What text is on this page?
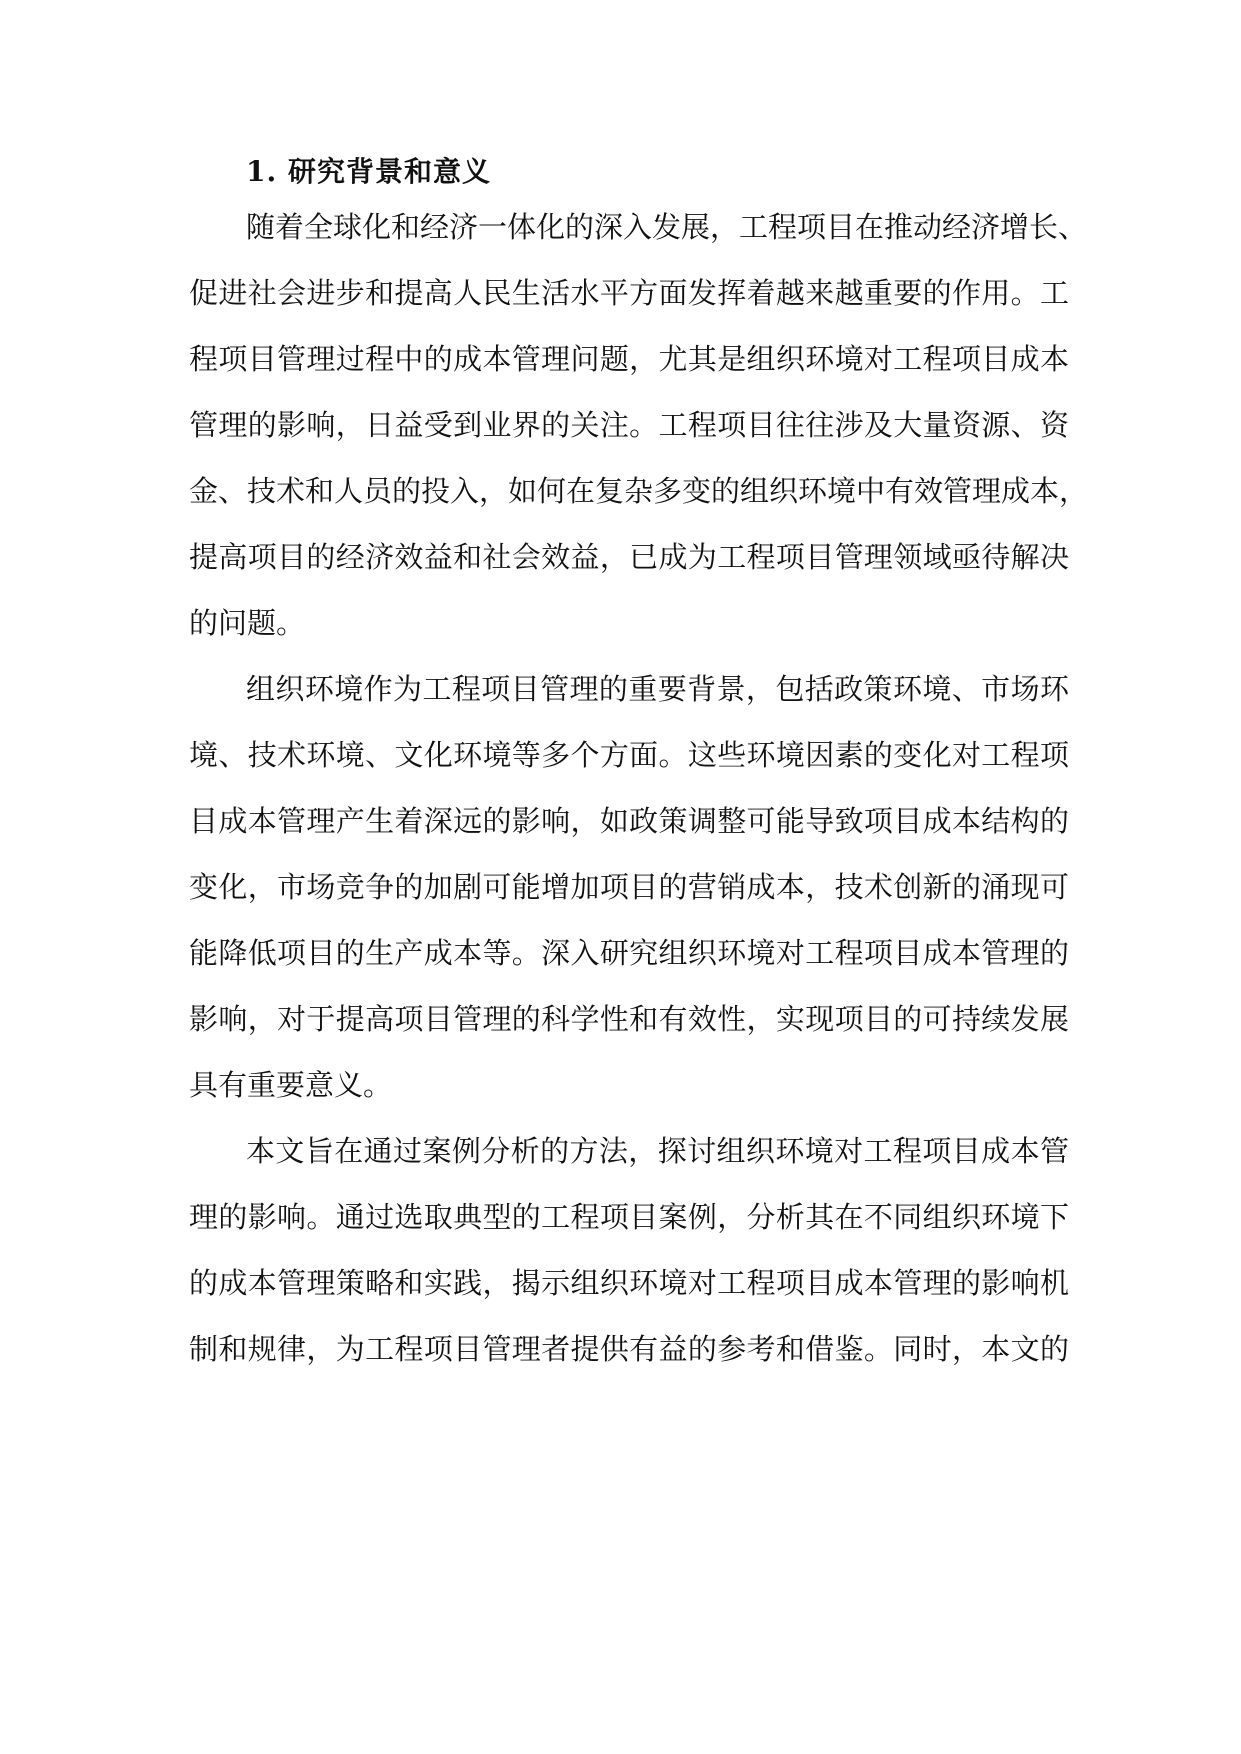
1. 研究背景和意义
随着全球化和经济一体化的深入发展，工程项目在推动经济增长、
促进社会进步和提高人民生活水平方面发挥着越来越重要的作用。工
程项目管理过程中的成本管理问题，尤其是组织环境对工程项目成本
管理的影响，日益受到业界的关注。工程项目往往涉及大量资源、资
金、技术和人员的投入，如何在复杂多变的组织环境中有效管理成本，
提高项目的经济效益和社会效益，已成为工程项目管理领域亟待解决
的问题。
组织环境作为工程项目管理的重要背景，包括政策环境、市场环
境、技术环境、文化环境等多个方面。这些环境因素的变化对工程项
目成本管理产生着深远的影响，如政策调整可能导致项目成本结构的
变化，市场竞争的加剧可能增加项目的营销成本，技术创新的涌现可
能降低项目的生产成本等。深入研究组织环境对工程项目成本管理的
影响，对于提高项目管理的科学性和有效性，实现项目的可持续发展
具有重要意义。
本文旨在通过案例分析的方法，探讨组织环境对工程项目成本管
理的影响。通过选取典型的工程项目案例，分析其在不同组织环境下
的成本管理策略和实践，揭示组织环境对工程项目成本管理的影响机
制和规律，为工程项目管理者提供有益的参考和借鉴。同时，本文的
